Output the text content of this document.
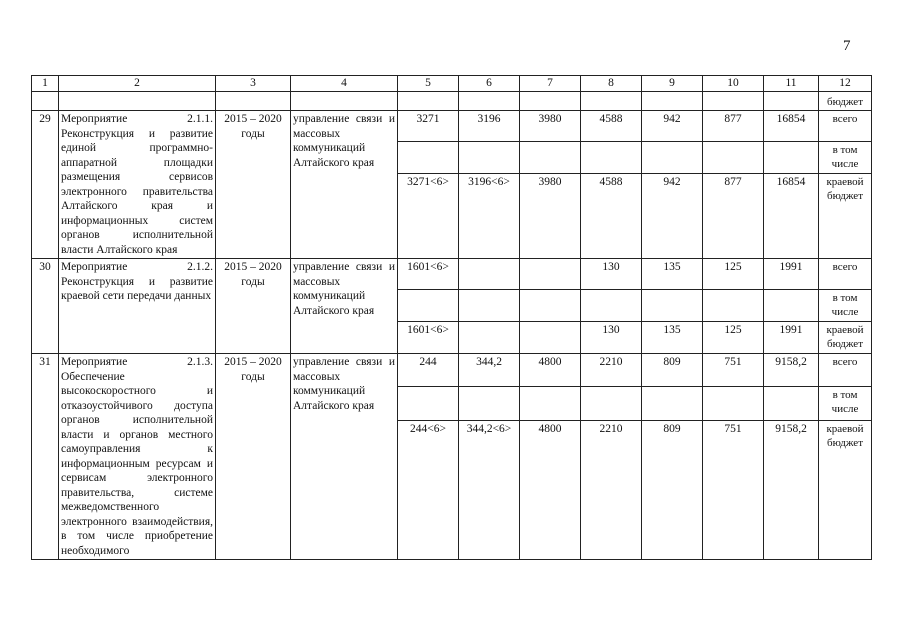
7
1	2	3	4	5	6	7	8	9	10	11	12
											бюджет
29	Мероприятие 2.1.1. Реконструкция и развитие единой программно-аппаратной площадки размещения сервисов электронного правительства Алтайского края и информационных систем органов исполнительной власти Алтайского края	2015 – 2020 годы	управление связи и массовых коммуникаций Алтайского края	3271	3196	3980	4588	942	877	16854	всего
											в том числе
				3271<6>	3196<6>	3980	4588	942	877	16854	краевой бюджет
30	Мероприятие 2.1.2. Реконструкция и развитие краевой сети передачи данных	2015 – 2020 годы	управление связи и массовых коммуникаций Алтайского края	1601<6>			130	135	125	1991	всего
											в том числе
				1601<6>			130	135	125	1991	краевой бюджет
31	Мероприятие 2.1.3. Обеспечение высокоскоростного и отказоустойчивого доступа органов исполнительной власти и органов местного самоуправления к информационным ресурсам и сервисам электронного правительства, системе межведомственного электронного взаимодействия, в том числе приобретение необходимого	2015 – 2020 годы	управление связи и массовых коммуникаций Алтайского края	244	344,2	4800	2210	809	751	9158,2	всего
											в том числе
				244<6>	344,2<6>	4800	2210	809	751	9158,2	краевой бюджет
